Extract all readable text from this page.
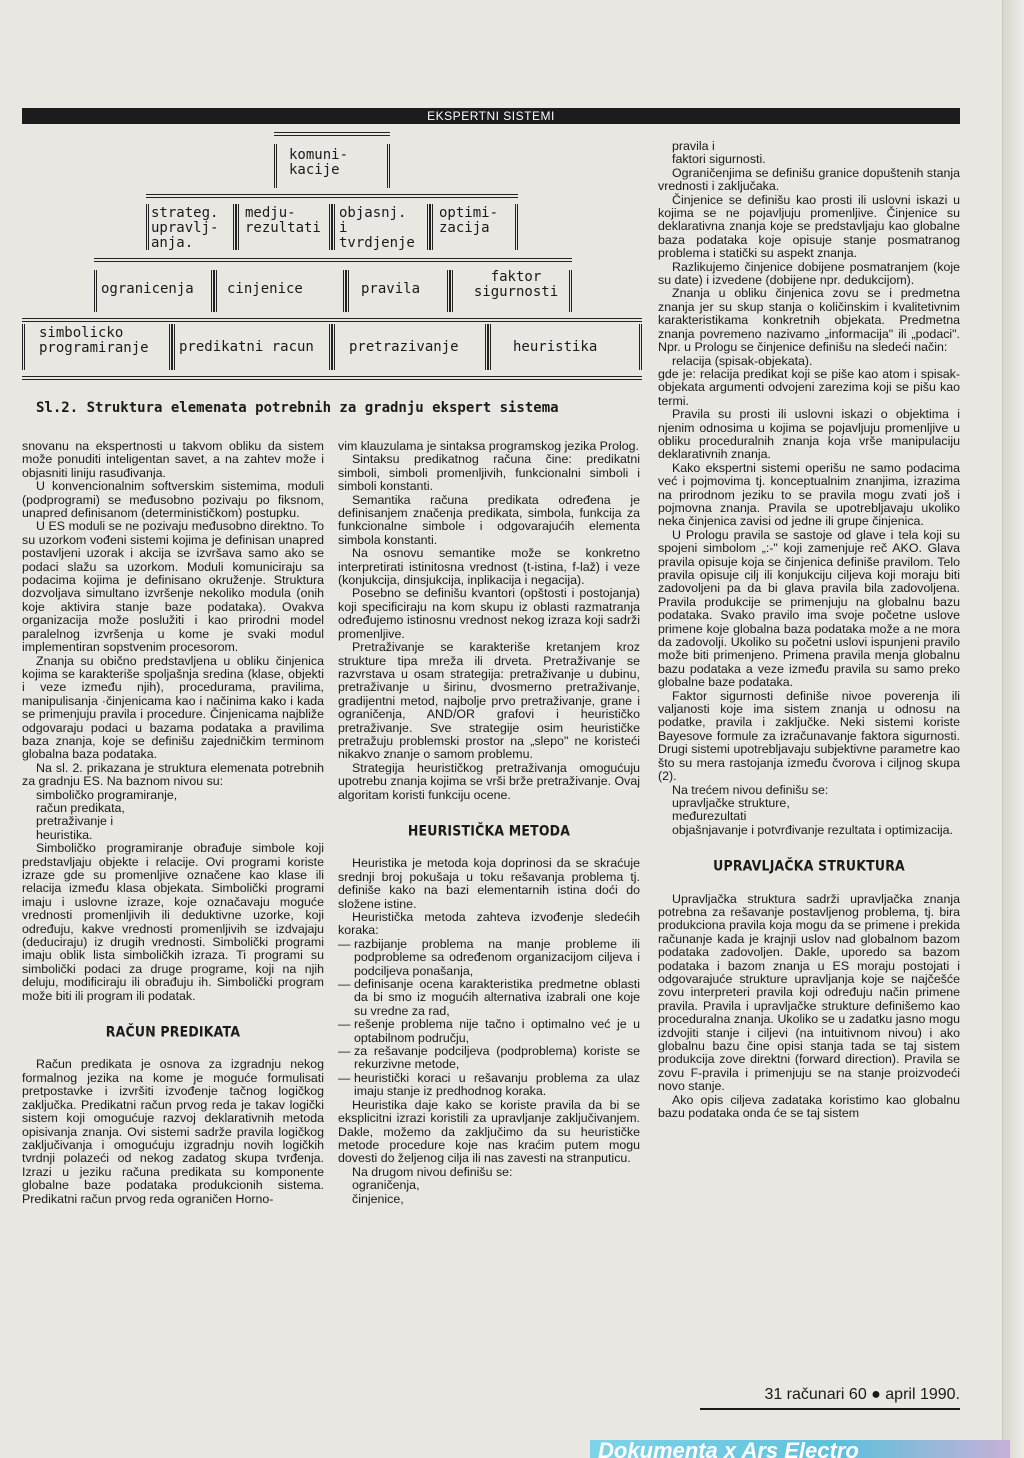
EKSPERTNI SISTEMI
komuni-
kacije
strateg.
upravlj-
anja.
medju-
rezultati
objasnj.
i
tvrdjenje
optimi-
zacija
ogranicenja	cinjenice	pravila
faktor
sigurnosti
simbolicko
programiranje	predikatni racun	pretrazivanje	heuristika
Sl.2. Struktura elemenata potrebnih za gradnju ekspert sistema

snovanu na ekspertnosti u takvom obliku da sistem može ponuditi inteligentan savet, a na zahtev može i objasniti liniju rasuđivanja.

U konvencionalnim softverskim sistemima, moduli (podprogrami) se međusobno pozivaju po fiksnom, unapred definisanom (determinističkom) postupku.

U ES moduli se ne pozivaju međusobno direktno. To su uzorkom vođeni sistemi kojima je definisan unapred postavljeni uzorak i akcija se izvršava samo ako se podaci slažu sa uzorkom. Moduli komuniciraju sa podacima kojima je definisano okruženje. Struktura dozvoljava simultano izvršenje nekoliko modula (onih koje aktivira stanje baze podataka). Ovakva organizacija može poslužiti i kao prirodni model paralelnog izvršenja u kome je svaki modul implementiran sopstvenim procesorom.

Znanja su obično predstavljena u obliku činjenica kojima se karakteriše spoljašnja sredina (klase, objekti i veze između njih), procedurama, pravilima, manipulisanja ·činjenicama kao i načinima kako i kada se primenjuju pravila i procedure. Činjenicama najbliže odgovaraju podaci u bazama podataka a pravilima baza znanja, koje se definišu zajedničkim terminom globalna baza podataka.

Na sl. 2. prikazana je struktura elemenata potrebnih za gradnju ES. Na baznom nivou su:

simboličko programiranje,

račun predikata,

pretraživanje i

heuristika.

Simboličko programiranje obrađuje simbole koji predstavljaju objekte i relacije. Ovi programi koriste izraze gde su promenljive označene kao klase ili relacija između klasa objekata. Simbolički programi imaju i uslovne izraze, koje označavaju moguće vrednosti promenljivih ili deduktivne uzorke, koji određuju, kakve vrednosti promenljivih se izdvajaju (deduciraju) iz drugih vrednosti. Simbolički programi imaju oblik lista simboličkih izraza. Ti programi su simbolički podaci za druge programe, koji na njih deluju, modificiraju ili obrađuju ih. Simbolički program može biti ili program ili podatak.

RAČUN PREDIKATA

Račun predikata je osnova za izgradnju nekog formalnog jezika na kome je moguće formulisati pretpostavke i izvršiti izvođenje tačnog logičkog zaključka. Predikatni račun prvog reda je takav logički sistem koji omogućuje razvoj deklarativnih metoda opisivanja znanja. Ovi sistemi sadrže pravila logičkog zaključivanja i omogućuju izgradnju novih logičkih tvrdnji polazeći od nekog zadatog skupa tvrđenja. Izrazi u jeziku računa predikata su komponente globalne baze podataka produkcionih sistema. Predikatni račun prvog reda ograničen Horno-

vim klauzulama je sintaksa programskog jezika Prolog.

Sintaksu predikatnog računa čine: predikatni simboli, simboli promenljivih, funkcionalni simboli i simboli konstanti.

Semantika računa predikata određena je definisanjem značenja predikata, simbola, funkcija za funkcionalne simbole i odgovarajućih elementa simbola konstanti.

Na osnovu semantike može se konkretno interpretirati istinitosna vrednost (t-istina, f-laž) i veze (konjukcija, dinsjukcija, inplikacija i negacija).

Posebno se definišu kvantori (opštosti i postojanja) koji specificiraju na kom skupu iz oblasti razmatranja određujemo istinosnu vrednost nekog izraza koji sadrži promenljive.

Pretraživanje se karakteriše kretanjem kroz strukture tipa mreža ili drveta. Pretraživanje se razvrstava u osam strategija: pretraživanje u dubinu, pretraživanje u širinu, dvosmerno pretraživanje, gradijentni metod, najbolje prvo pretraživanje, grane i ograničenja, AND/OR grafovi i heurističko pretraživanje. Sve strategije osim heurističke pretražuju problemski prostor na „slepo" ne koristeći nikakvo znanje o samom problemu.

Strategija heurističkog pretraživanja omogućuju upotrebu znanja kojima se vrši brže pretraživanje. Ovaj algoritam koristi funkciju ocene.

HEURISTIČKA METODA

Heuristika je metoda koja doprinosi da se skraćuje srednji broj pokušaja u toku rešavanja problema tj. definiše kako na bazi elementarnih istina doći do složene istine.

Heuristička metoda zahteva izvođenje sledećih koraka:

— razbijanje problema na manje probleme ili podprobleme sa određenom organizacijom ciljeva i podciljeva ponašanja,

— definisanje ocena karakteristika predmetne oblasti da bi smo iz mogućih alternativa izabrali one koje su vredne za rad,

— rešenje problema nije tačno i optimalno već je u optabilnom području,

— za rešavanje podciljeva (podproblema) koriste se rekurzivne metode,

— heuristički koraci u rešavanju problema za ulaz imaju stanje iz predhodnog koraka.

Heuristika daje kako se koriste pravila da bi se eksplicitni izrazi koristili za upravljanje zaključivanjem. Dakle, možemo da zaključimo da su heurističke metode procedure koje nas kraćim putem mogu dovesti do željenog cilja ili nas zavesti na stranputicu.

Na drugom nivou definišu se:

ograničenja,

činjenice,

pravila i

faktori sigurnosti.

Ograničenjima se definišu granice dopuštenih stanja vrednosti i zaključaka.

Činjenice se definišu kao prosti ili uslovni iskazi u kojima se ne pojavljuju promenljive. Činjenice su deklarativna znanja koje se predstavljaju kao globalne baza podataka koje opisuje stanje posmatranog problema i statički su aspekt znanja.

Razlikujemo činjenice dobijene posmatranjem (koje su date) i izvedene (dobijene npr. dedukcijom).

Znanja u obliku činjenica zovu se i predmetna znanja jer su skup stanja o količinskim i kvalitetivnim karakteristikama konkretnih objekata. Predmetna znanja povremeno nazivamo „informacija" ili „podaci". Npr. u Prologu se činjenice definišu na sledeći način:

relacija (spisak-objekata).

gde je: relacija predikat koji se piše kao atom i spisak-objekata argumenti odvojeni zarezima koji se pišu kao termi.

Pravila su prosti ili uslovni iskazi o objektima i njenim odnosima u kojima se pojavljuju promenljive u obliku proceduralnih znanja koja vrše manipulaciju deklarativnih znanja.

Kako ekspertni sistemi operišu ne samo podacima već i pojmovima tj. konceptualnim znanjima, izrazima na prirodnom jeziku to se pravila mogu zvati još i pojmovna znanja. Pravila se upotrebljavaju ukoliko neka činjenica zavisi od jedne ili grupe činjenica.

U Prologu pravila se sastoje od glave i tela koji su spojeni simbolom „:-" koji zamenjuje reč AKO. Glava pravila opisuje koja se činjenica definiše pravilom. Telo pravila opisuje cilj ili konjukciju ciljeva koji moraju biti zadovoljeni pa da bi glava pravila bila zadovoljena. Pravila produkcije se primenjuju na globalnu bazu podataka. Svako pravilo ima svoje početne uslove primene koje globalna baza podataka može a ne mora da zadovolji. Ukoliko su početni uslovi ispunjeni pravilo može biti primenjeno. Primena pravila menja globalnu bazu podataka a veze između pravila su samo preko globalne baze podataka.

Faktor sigurnosti definiše nivoe poverenja ili valjanosti koje ima sistem znanja u odnosu na podatke, pravila i zaključke. Neki sistemi koriste Bayesove formule za izračunavanje faktora sigurnosti. Drugi sistemi upotrebljavaju subjektivne parametre kao što su mera rastojanja između čvorova i ciljnog skupa (2).

Na trećem nivou definišu se:

upravljačke strukture,

međurezultati

objašnjavanje i potvrđivanje rezultata i optimizacija.

UPRAVLJAČKA STRUKTURA

Upravljačka struktura sadrži upravljačka znanja potrebna za rešavanje postavljenog problema, tj. bira produkciona pravila koja mogu da se primene i prekida računanje kada je krajnji uslov nad globalnom bazom podataka zadovoljen. Dakle, uporedo sa bazom podataka i bazom znanja u ES moraju postojati i odgovarajuće strukture upravljanja koje se najčešće zovu interpreteri pravila koji određuju način primene pravila. Pravila i upravljačke strukture definišemo kao proceduralna znanja. Ukoliko se u zadatku jasno mogu izdvojiti stanje i ciljevi (na intuitivnom nivou) i ako globalnu bazu čine opisi stanja tada se taj sistem produkcija zove direktni (forward direction). Pravila se zovu F-pravila i primenjuju se na stanje proizvodeći novo stanje.

Ako opis ciljeva zadataka koristimo kao globalnu bazu podataka onda će se taj sistem

31 računari 60 ● april 1990.
Dokumenta x Ars Electro
